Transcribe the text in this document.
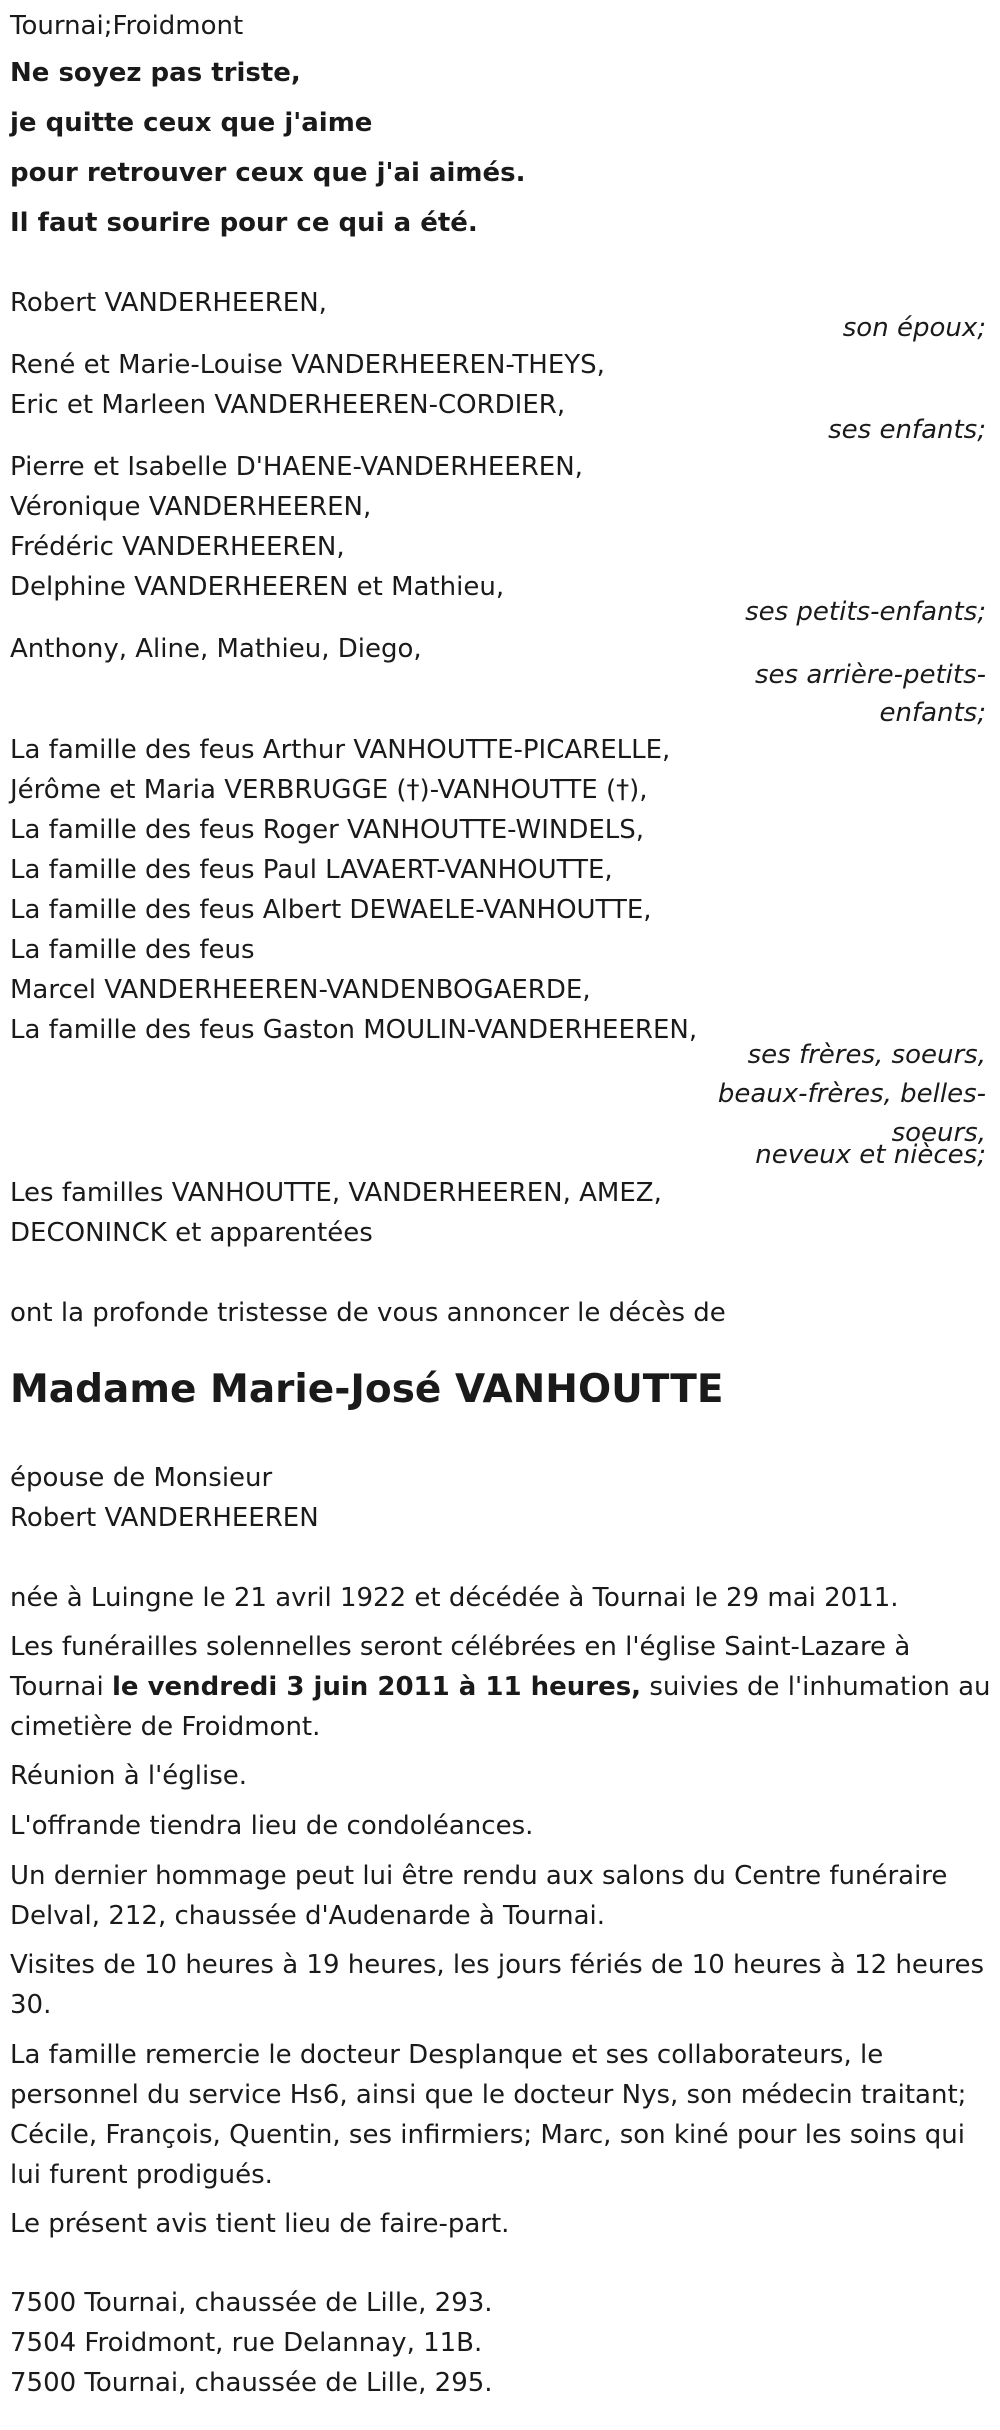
Tournai;Froidmont
Ne soyez pas triste,
je quitte ceux que j'aime
pour retrouver ceux que j'ai aimés.
Il faut sourire pour ce qui a été.
Robert VANDERHEEREN,
son époux;
René et Marie-Louise VANDERHEEREN-THEYS,
Eric et Marleen VANDERHEEREN-CORDIER,
ses enfants;
Pierre et Isabelle D'HAENE-VANDERHEEREN,
Véronique VANDERHEEREN,
Frédéric VANDERHEEREN,
Delphine VANDERHEEREN et Mathieu,
ses petits-enfants;
Anthony, Aline, Mathieu, Diego,
ses arrière-petits-
enfants;
La famille des feus Arthur VANHOUTTE-PICARELLE,
Jérôme et Maria VERBRUGGE (†)-VANHOUTTE (†),
La famille des feus Roger VANHOUTTE-WINDELS,
La famille des feus Paul LAVAERT-VANHOUTTE,
La famille des feus Albert DEWAELE-VANHOUTTE,
La famille des feus
Marcel VANDERHEEREN-VANDENBOGAERDE,
La famille des feus Gaston MOULIN-VANDERHEEREN,
ses frères, soeurs,
beaux-frères, belles-
soeurs,
neveux et nièces;
Les familles VANHOUTTE, VANDERHEEREN, AMEZ,
DECONINCK et apparentées
ont la profonde tristesse de vous annoncer le décès de
Madame Marie-José VANHOUTTE
épouse de Monsieur
Robert VANDERHEEREN
née à Luingne le 21 avril 1922 et décédée à Tournai le 29 mai 2011.
Les funérailles solennelles seront célébrées en l'église Saint-Lazare à
Tournai le vendredi 3 juin 2011 à 11 heures, suivies de l'inhumation au
cimetière de Froidmont.
Réunion à l'église.
L'offrande tiendra lieu de condoléances.
Un dernier hommage peut lui être rendu aux salons du Centre funéraire
Delval, 212, chaussée d'Audenarde à Tournai.
Visites de 10 heures à 19 heures, les jours fériés de 10 heures à 12 heures
30.
La famille remercie le docteur Desplanque et ses collaborateurs, le
personnel du service Hs6, ainsi que le docteur Nys, son médecin traitant;
Cécile, François, Quentin, ses infirmiers; Marc, son kiné pour les soins qui
lui furent prodigués.
Le présent avis tient lieu de faire-part.
7500 Tournai, chaussée de Lille, 293.
7504 Froidmont, rue Delannay, 11B.
7500 Tournai, chaussée de Lille, 295.
